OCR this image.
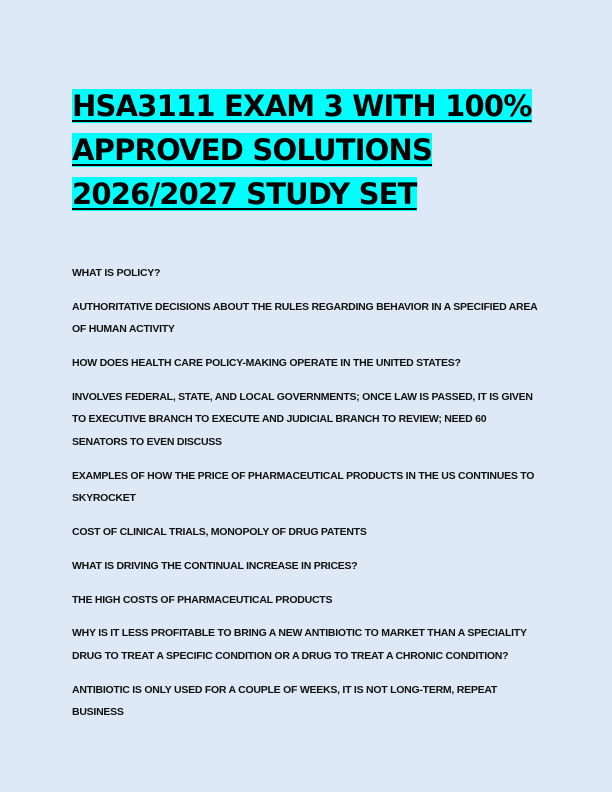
HSA3111 EXAM 3 WITH 100%
APPROVED SOLUTIONS
2026/2027 STUDY SET
WHAT IS POLICY?
AUTHORITATIVE DECISIONS ABOUT THE RULES REGARDING BEHAVIOR IN A SPECIFIED AREA OF HUMAN ACTIVITY
HOW DOES HEALTH CARE POLICY-MAKING OPERATE IN THE UNITED STATES?
INVOLVES FEDERAL, STATE, AND LOCAL GOVERNMENTS; ONCE LAW IS PASSED, IT IS GIVEN TO EXECUTIVE BRANCH TO EXECUTE AND JUDICIAL BRANCH TO REVIEW; NEED 60 SENATORS TO EVEN DISCUSS
EXAMPLES OF HOW THE PRICE OF PHARMACEUTICAL PRODUCTS IN THE US CONTINUES TO SKYROCKET
COST OF CLINICAL TRIALS, MONOPOLY OF DRUG PATENTS
WHAT IS DRIVING THE CONTINUAL INCREASE IN PRICES?
THE HIGH COSTS OF PHARMACEUTICAL PRODUCTS
WHY IS IT LESS PROFITABLE TO BRING A NEW ANTIBIOTIC TO MARKET THAN A SPECIALITY DRUG TO TREAT A SPECIFIC CONDITION OR A DRUG TO TREAT A CHRONIC CONDITION?
ANTIBIOTIC IS ONLY USED FOR A COUPLE OF WEEKS, IT IS NOT LONG-TERM, REPEAT BUSINESS
